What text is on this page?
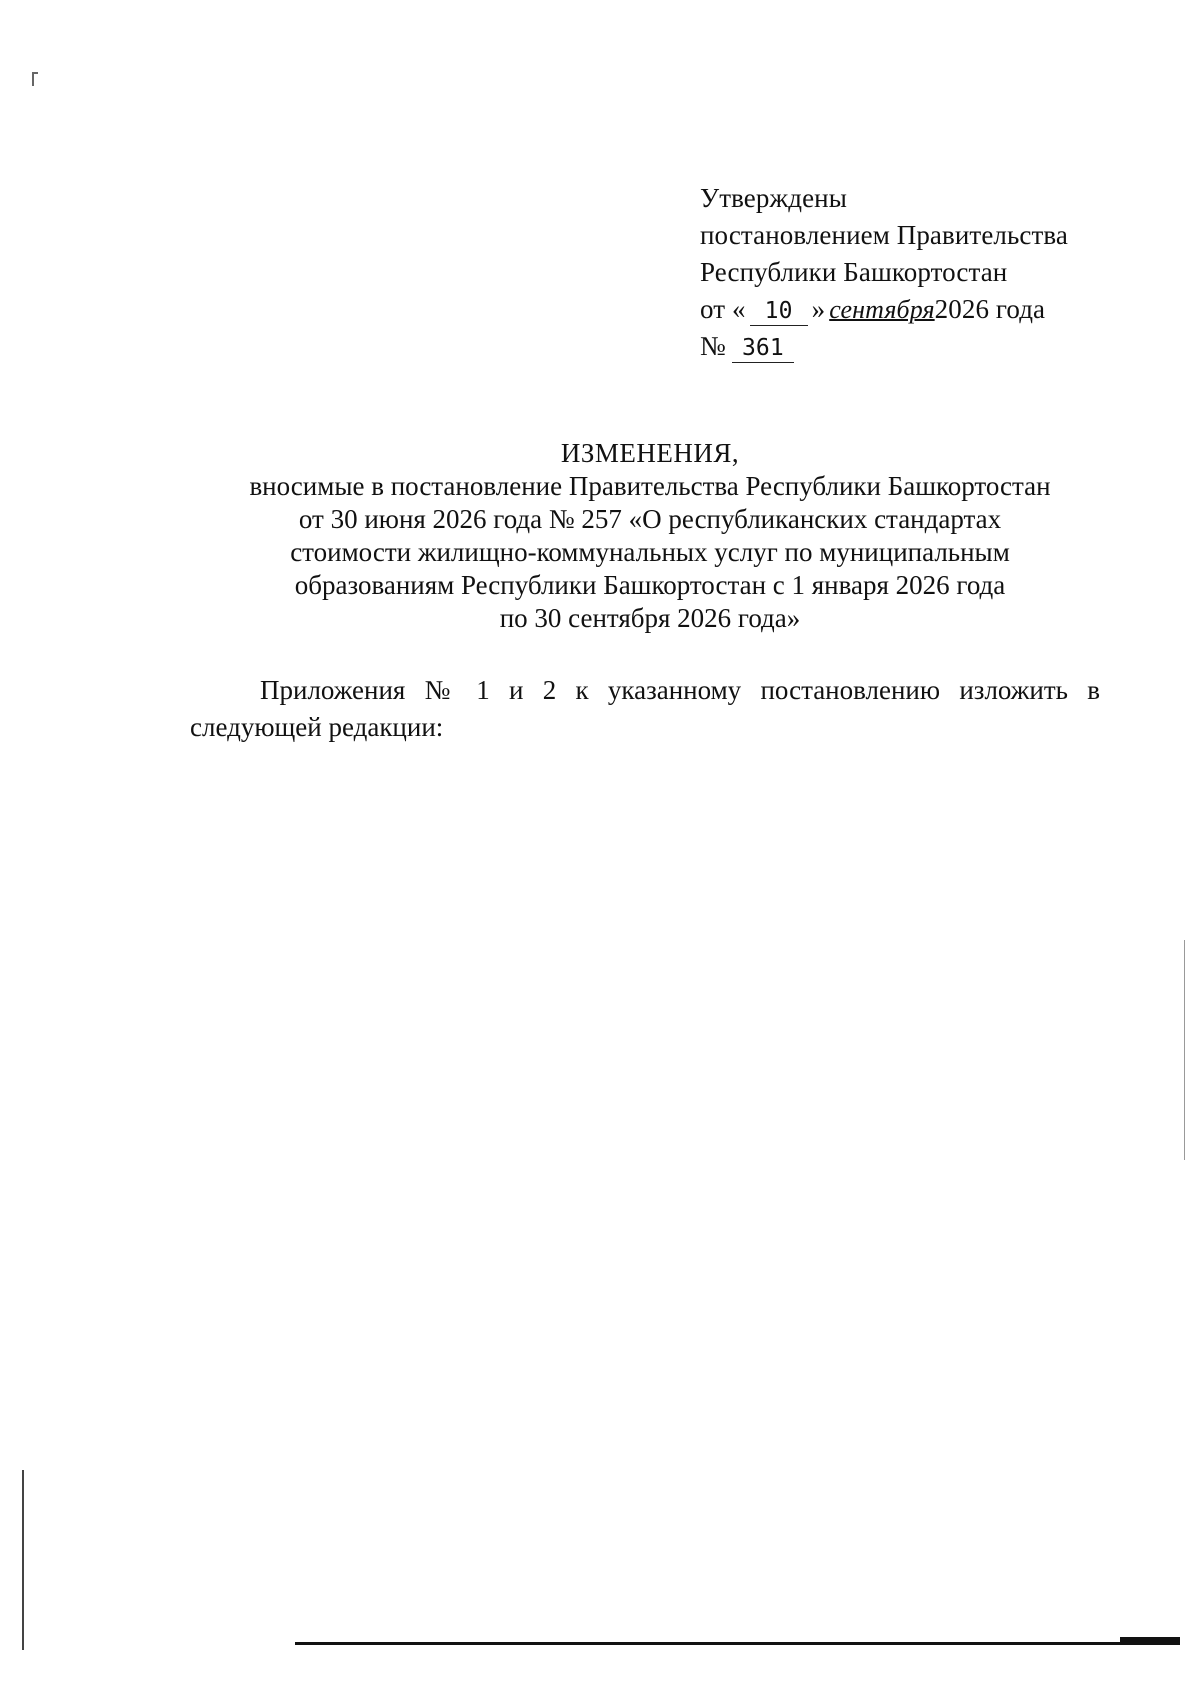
Утверждены
постановлением Правительства
Республики Башкортостан
от « 10 » сентября2026 года
№ 361
ИЗМЕНЕНИЯ,
вносимые в постановление Правительства Республики Башкортостан
от 30 июня 2026 года № 257 «О республиканских стандартах
стоимости жилищно-коммунальных услуг по муниципальным
образованиям Республики Башкортостан с 1 января 2026 года
по 30 сентября 2026 года»
Приложения № 1 и 2 к указанному постановлению изложить в
следующей редакции:
